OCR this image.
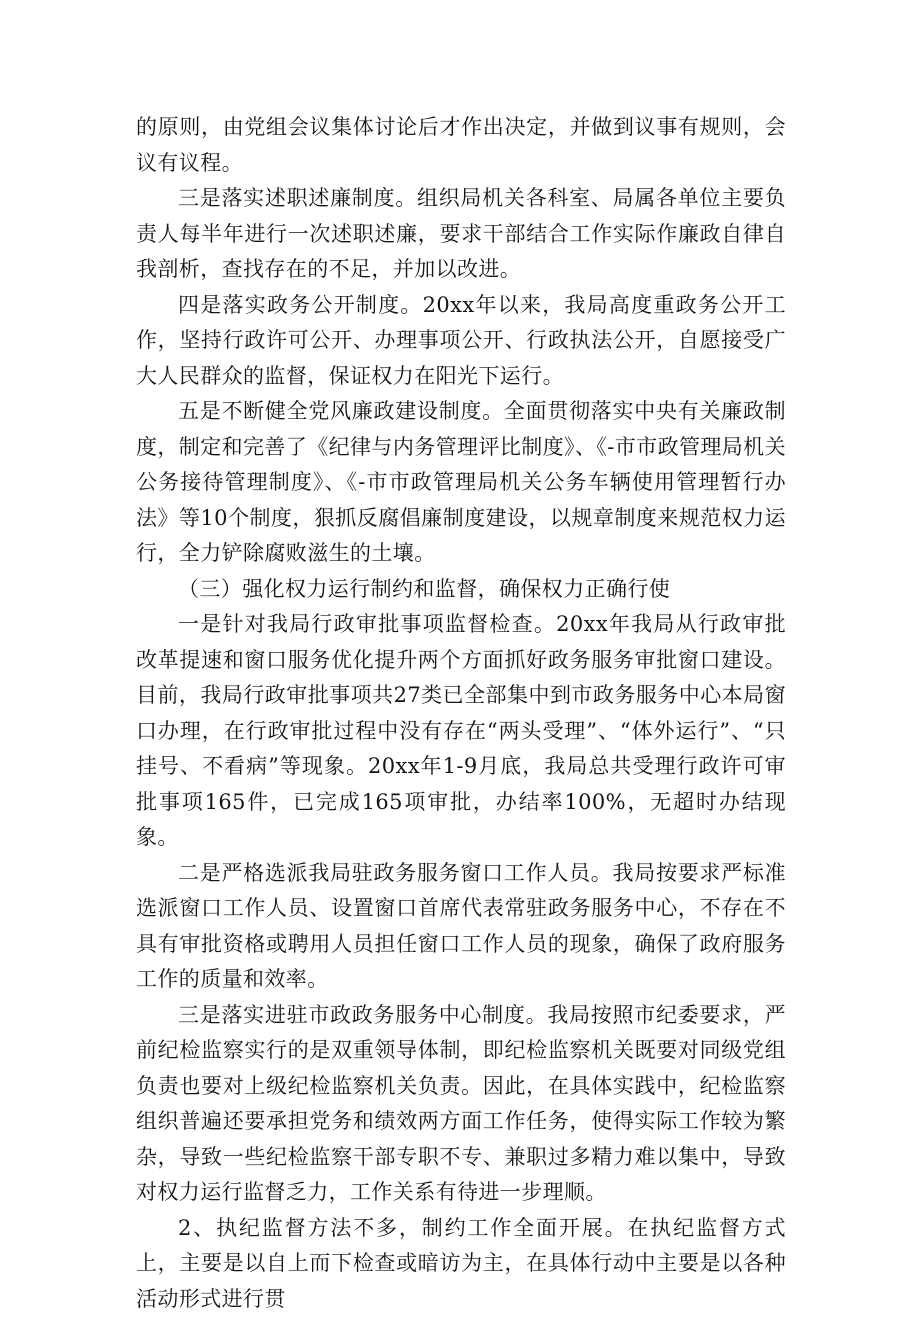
的原则，由党组会议集体讨论后才作出决定，并做到议事有规则，会议有议程。

三是落实述职述廉制度。组织局机关各科室、局属各单位主要负责人每半年进行一次述职述廉，要求干部结合工作实际作廉政自律自我剖析，查找存在的不足，并加以改进。

四是落实政务公开制度。20xx年以来，我局高度重政务公开工作，坚持行政许可公开、办理事项公开、行政执法公开，自愿接受广大人民群众的监督，保证权力在阳光下运行。

五是不断健全党风廉政建设制度。全面贯彻落实中央有关廉政制度，制定和完善了《纪律与内务管理评比制度》、《-市市政管理局机关公务接待管理制度》、《-市市政管理局机关公务车辆使用管理暂行办法》等10个制度，狠抓反腐倡廉制度建设，以规章制度来规范权力运行，全力铲除腐败滋生的土壤。

（三）强化权力运行制约和监督，确保权力正确行使

一是针对我局行政审批事项监督检查。20xx年我局从行政审批改革提速和窗口服务优化提升两个方面抓好政务服务审批窗口建设。目前，我局行政审批事项共27类已全部集中到市政务服务中心本局窗口办理，在行政审批过程中没有存在“两头受理”、“体外运行”、“只挂号、不看病”等现象。20xx年1-9月底，我局总共受理行政许可审批事项165件，已完成165项审批，办结率100%，无超时办结现象。

二是严格选派我局驻政务服务窗口工作人员。我局按要求严标准选派窗口工作人员、设置窗口首席代表常驻政务服务中心，不存在不具有审批资格或聘用人员担任窗口工作人员的现象，确保了政府服务工作的质量和效率。

三是落实进驻市政政务服务中心制度。我局按照市纪委要求，严前纪检监察实行的是双重领导体制，即纪检监察机关既要对同级党组负责也要对上级纪检监察机关负责。因此，在具体实践中，纪检监察组织普遍还要承担党务和绩效两方面工作任务，使得实际工作较为繁杂，导致一些纪检监察干部专职不专、兼职过多精力难以集中，导致对权力运行监督乏力，工作关系有待进一步理顺。

2、执纪监督方法不多，制约工作全面开展。在执纪监督方式上，主要是以自上而下检查或暗访为主，在具体行动中主要是以各种活动形式进行贯
